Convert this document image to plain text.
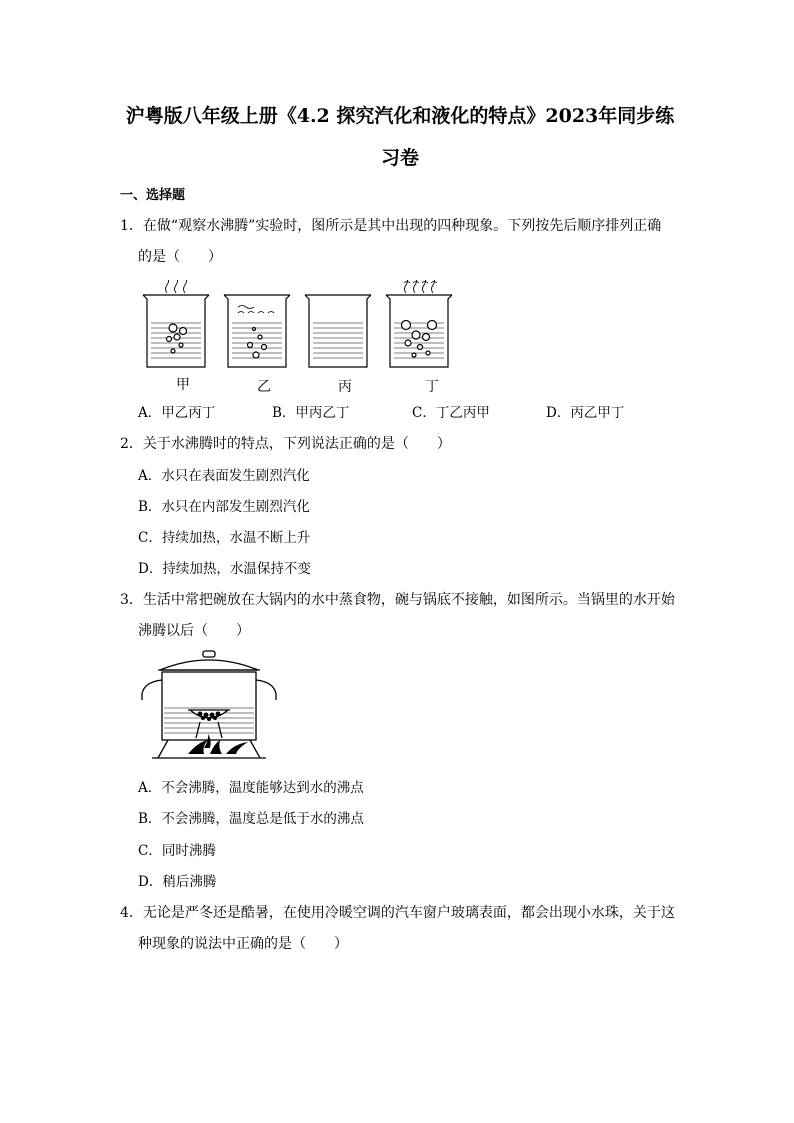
沪粤版八年级上册《4.2 探究汽化和液化的特点》2023年同步练
习卷
一、选择题
1．在做“观察水沸腾”实验时，图所示是其中出现的四种现象。下列按先后顺序排列正确
的是（　　）
甲	乙	丙	丁
A．甲乙丙丁	B．甲丙乙丁	C．丁乙丙甲	D．丙乙甲丁
2．关于水沸腾时的特点，下列说法正确的是（　　）
A．水只在表面发生剧烈汽化
B．水只在内部发生剧烈汽化
C．持续加热，水温不断上升
D．持续加热，水温保持不变
3．生活中常把碗放在大锅内的水中蒸食物，碗与锅底不接触，如图所示。当锅里的水开始
沸腾以后（　　）
A．不会沸腾，温度能够达到水的沸点
B．不会沸腾，温度总是低于水的沸点
C．同时沸腾
D．稍后沸腾
4．无论是严冬还是酷暑，在使用冷暖空调的汽车窗户玻璃表面，都会出现小水珠，关于这
种现象的说法中正确的是（　　）
